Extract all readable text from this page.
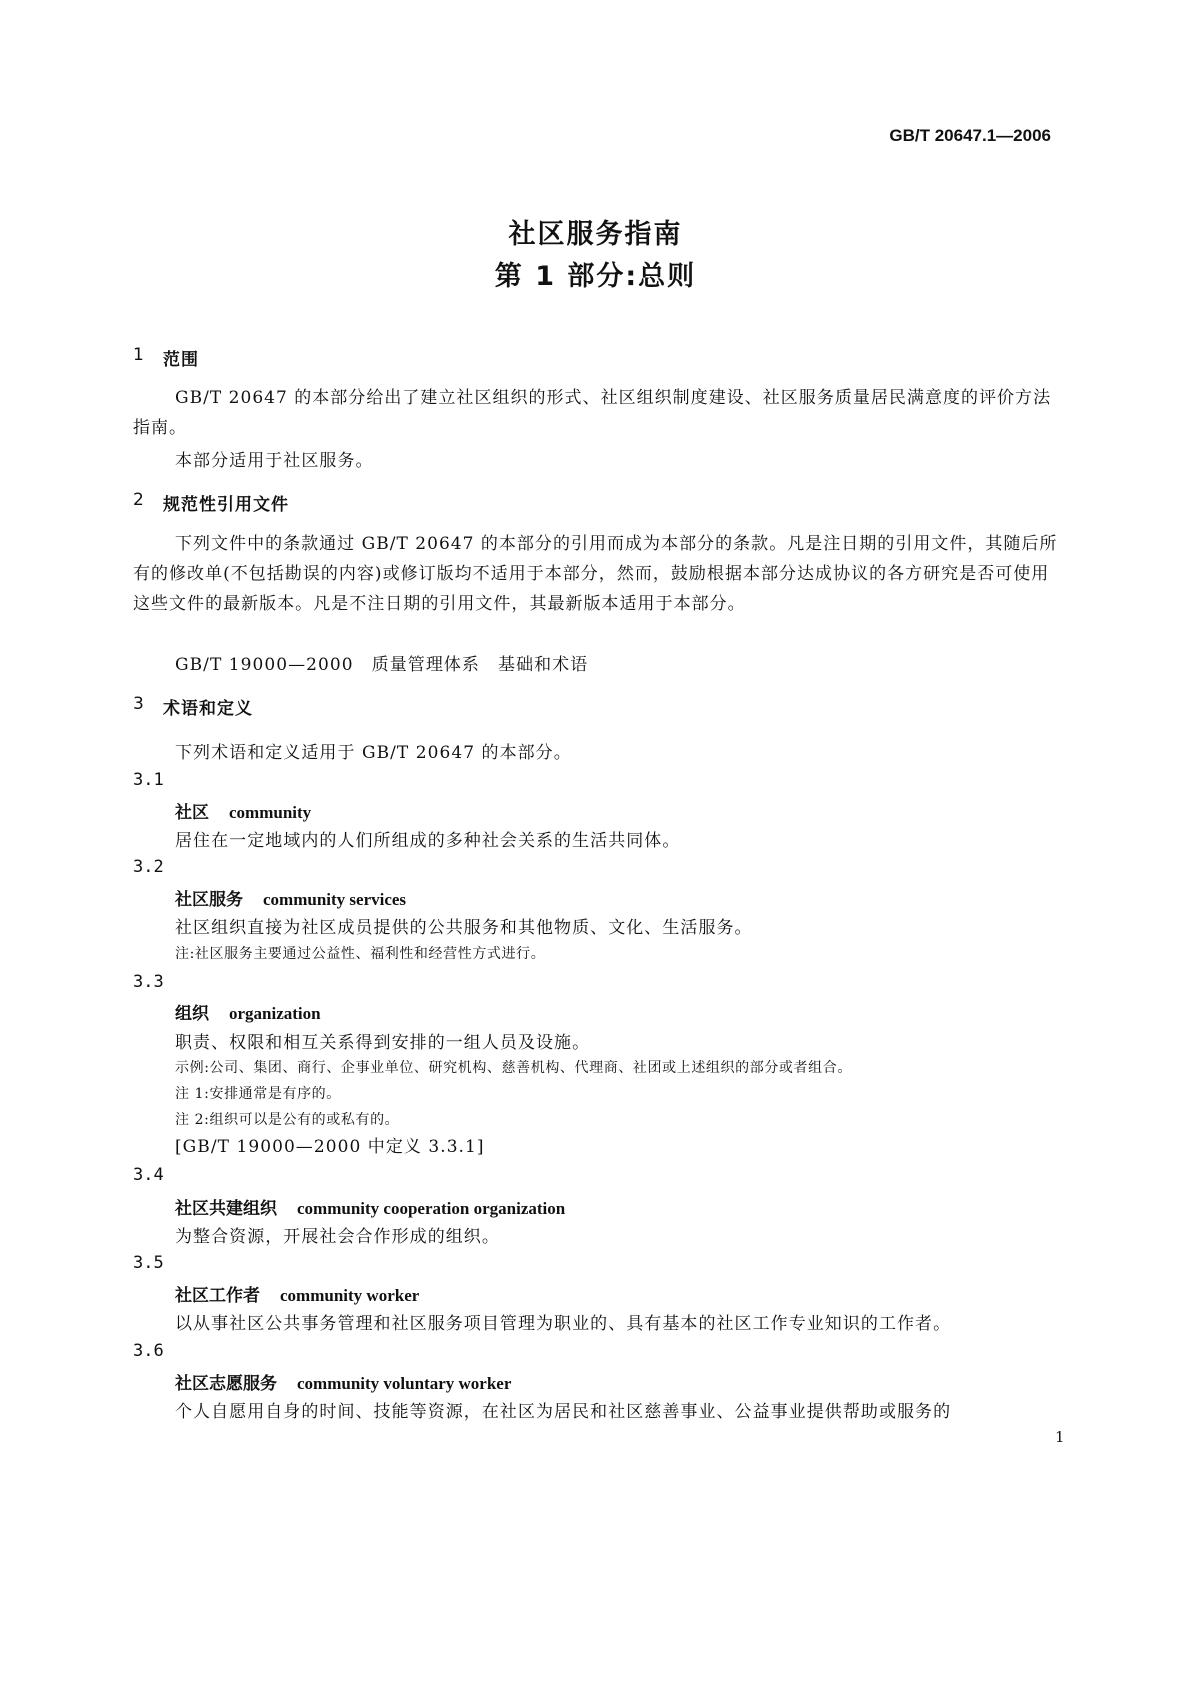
GB/T 20647.1—2006
社区服务指南
第 1 部分:总则
1 范围
GB/T 20647 的本部分给出了建立社区组织的形式、社区组织制度建设、社区服务质量居民满意度的评价方法指南。
本部分适用于社区服务。
2 规范性引用文件
下列文件中的条款通过 GB/T 20647 的本部分的引用而成为本部分的条款。凡是注日期的引用文件，其随后所有的修改单(不包括勘误的内容)或修订版均不适用于本部分，然而，鼓励根据本部分达成协议的各方研究是否可使用这些文件的最新版本。凡是不注日期的引用文件，其最新版本适用于本部分。
GB/T 19000—2000　质量管理体系　基础和术语
3 术语和定义
下列术语和定义适用于 GB/T 20647 的本部分。
3.1
社区 community
居住在一定地域内的人们所组成的多种社会关系的生活共同体。
3.2
社区服务 community services
社区组织直接为社区成员提供的公共服务和其他物质、文化、生活服务。
注:社区服务主要通过公益性、福利性和经营性方式进行。
3.3
组织 organization
职责、权限和相互关系得到安排的一组人员及设施。
示例:公司、集团、商行、企事业单位、研究机构、慈善机构、代理商、社团或上述组织的部分或者组合。
注 1:安排通常是有序的。
注 2:组织可以是公有的或私有的。
[GB/T 19000—2000 中定义 3.3.1]
3.4
社区共建组织 community cooperation organization
为整合资源，开展社会合作形成的组织。
3.5
社区工作者 community worker
以从事社区公共事务管理和社区服务项目管理为职业的、具有基本的社区工作专业知识的工作者。
3.6
社区志愿服务 community voluntary worker
个人自愿用自身的时间、技能等资源，在社区为居民和社区慈善事业、公益事业提供帮助或服务的
1
